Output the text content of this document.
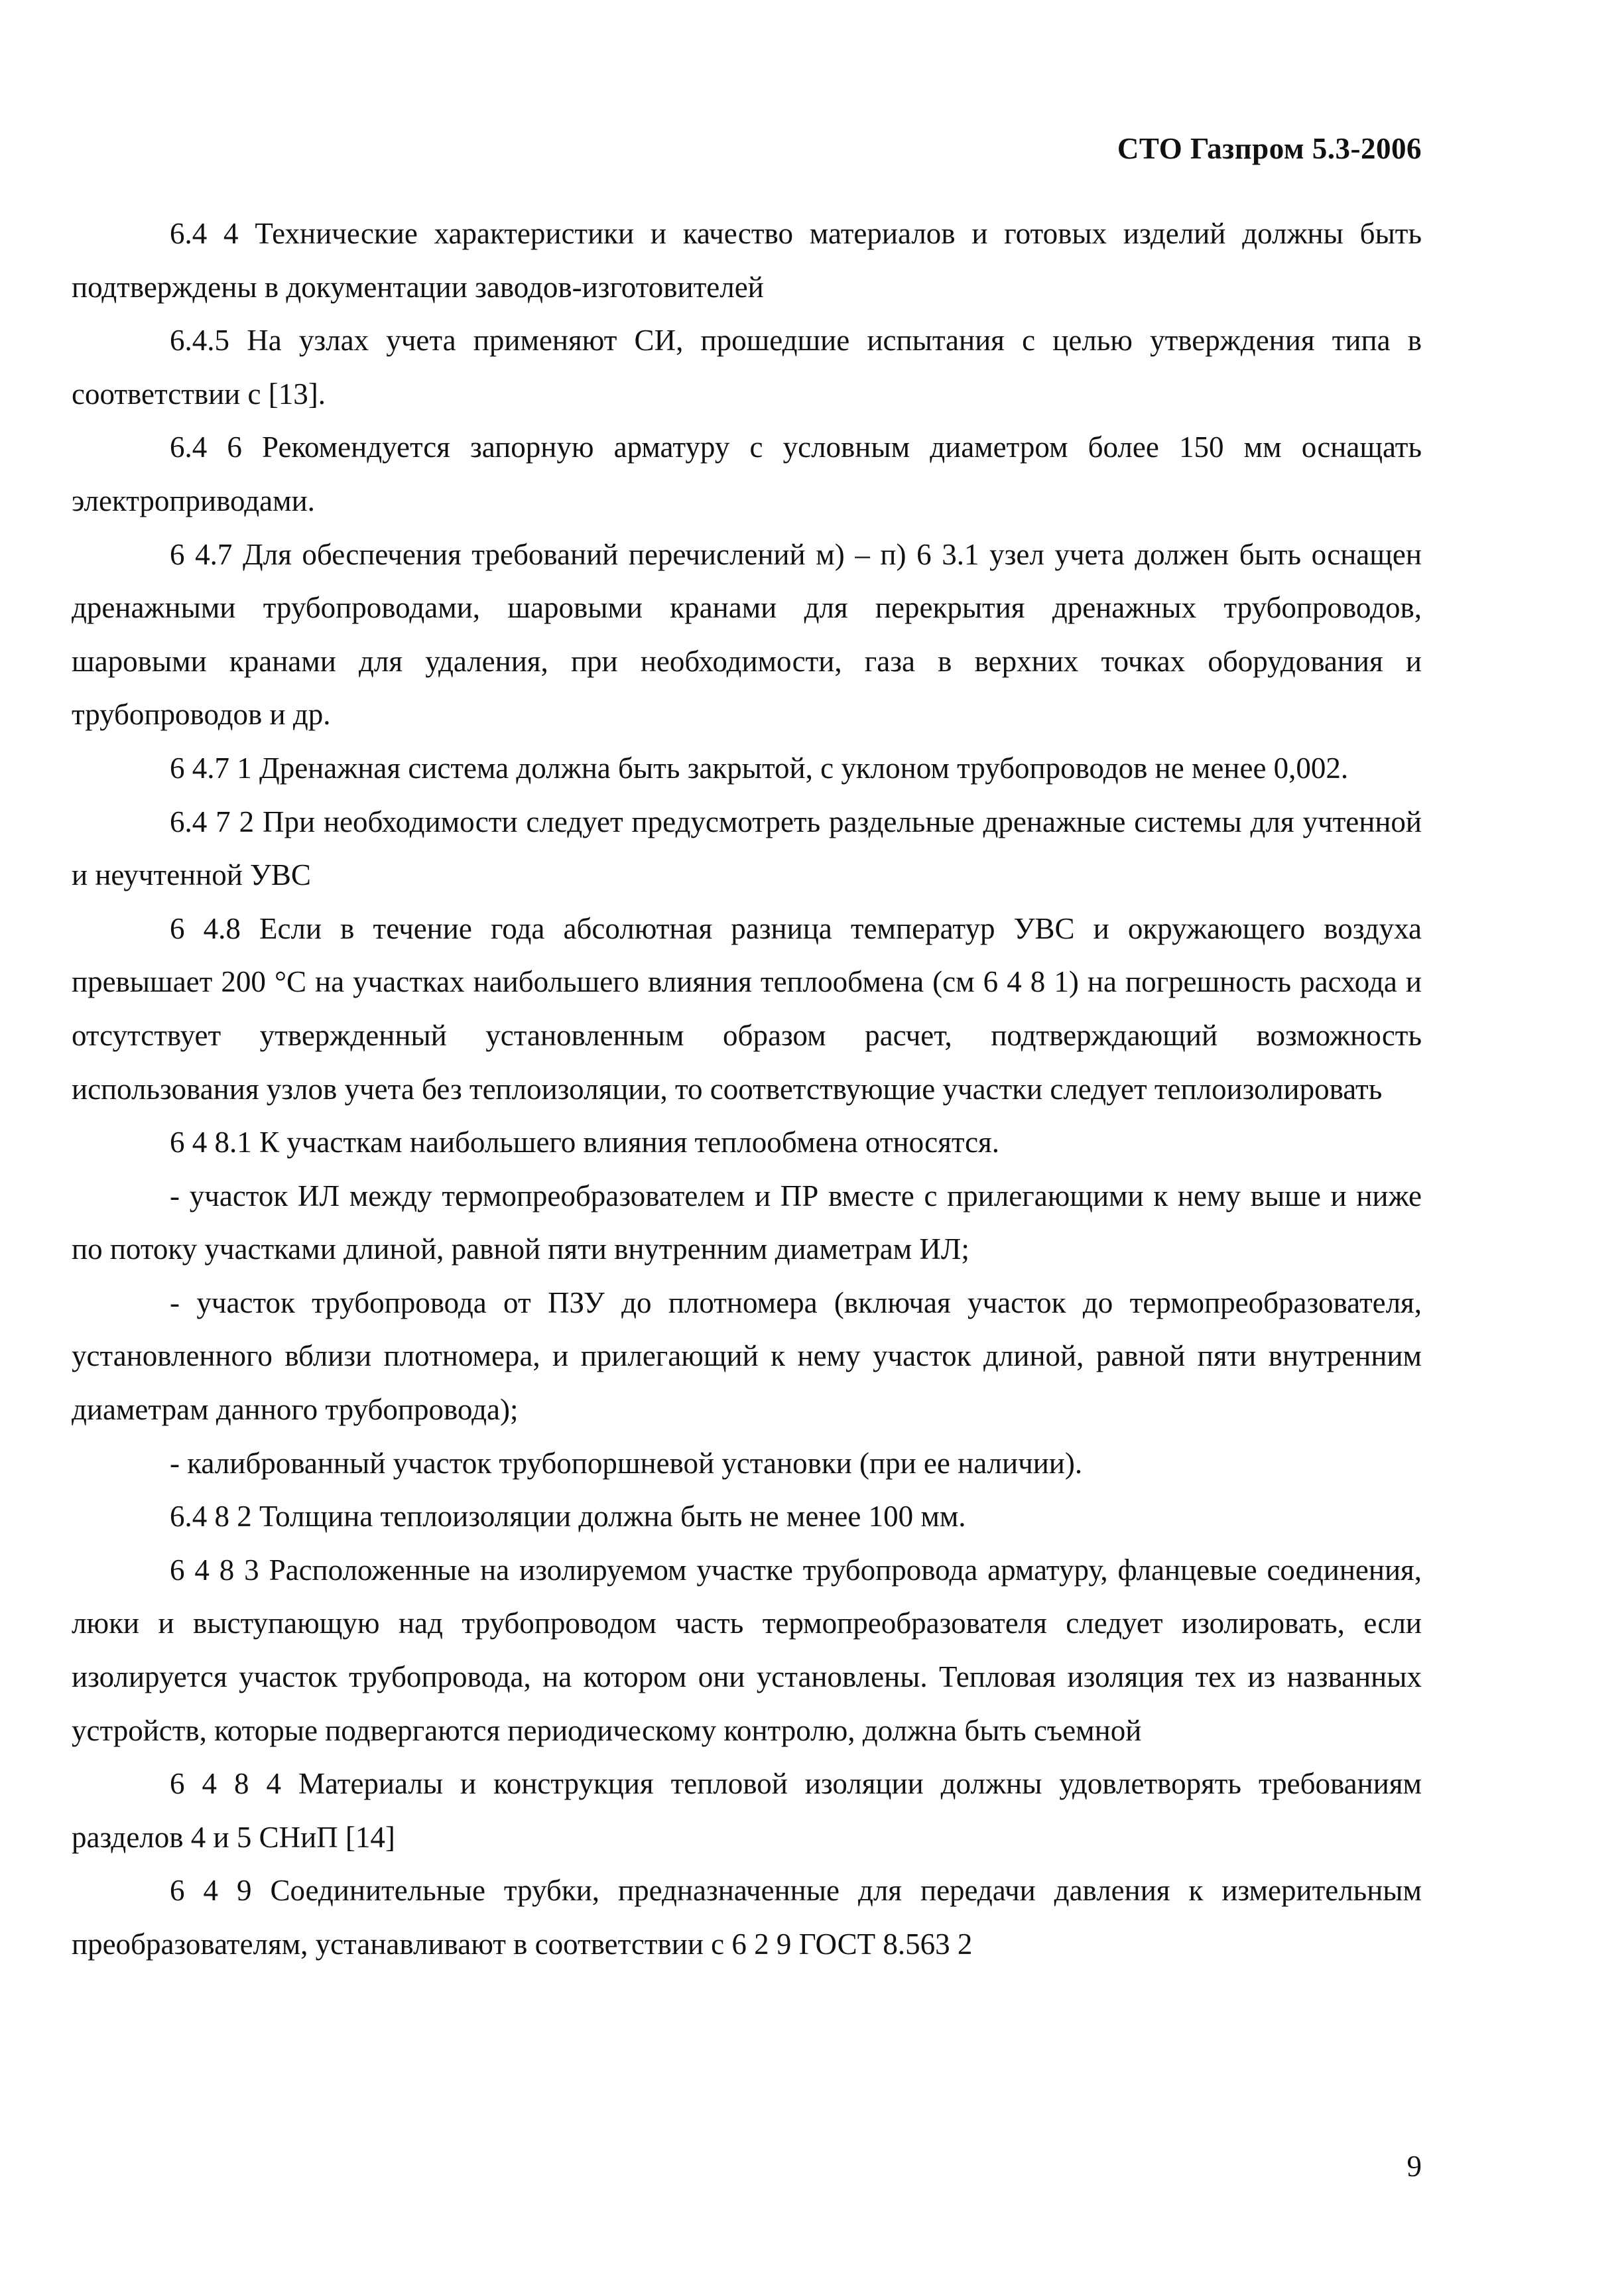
СТО Газпром 5.3-2006

6.4 4 Технические характеристики и качество материалов и готовых изделий должны быть подтверждены в документации заводов-изготовителей

6.4.5 На узлах учета применяют СИ, прошедшие испытания с целью утверждения типа в соответствии с [13].

6.4 6 Рекомендуется запорную арматуру с условным диаметром более 150 мм оснащать электроприводами.

6 4.7 Для обеспечения требований перечислений м) – п) 6 3.1 узел учета должен быть оснащен дренажными трубопроводами, шаровыми кранами для перекрытия дренажных трубопроводов, шаровыми кранами для удаления, при необходимости, газа в верхних точках оборудования и трубопроводов и др.

6 4.7 1 Дренажная система должна быть закрытой, с уклоном трубопроводов не менее 0,002.

6.4 7 2 При необходимости следует предусмотреть раздельные дренажные системы для учтенной и неучтенной УВС

6 4.8 Если в течение года абсолютная разница температур УВС и окружающего воздуха превышает 200 °С на участках наибольшего влияния теплообмена (см 6 4 8 1) на погрешность расхода и отсутствует утвержденный установленным образом расчет, подтверждающий возможность использования узлов учета без теплоизоляции, то соответствующие участки следует теплоизолировать

6 4 8.1 К участкам наибольшего влияния теплообмена относятся.

- участок ИЛ между термопреобразователем и ПР вместе с прилегающими к нему выше и ниже по потоку участками длиной, равной пяти внутренним диаметрам ИЛ;

- участок трубопровода от ПЗУ до плотномера (включая участок до термопреобразователя, установленного вблизи плотномера, и прилегающий к нему участок длиной, равной пяти внутренним диаметрам данного трубопровода);

- калиброванный участок трубопоршневой установки (при ее наличии).

6.4 8 2 Толщина теплоизоляции должна быть не менее 100 мм.

6 4 8 3 Расположенные на изолируемом участке трубопровода арматуру, фланцевые соединения, люки и выступающую над трубопроводом часть термопреобразователя следует изолировать, если изолируется участок трубопровода, на котором они установлены. Тепловая изоляция тех из названных устройств, которые подвергаются периодическому контролю, должна быть съемной

6 4 8 4 Материалы и конструкция тепловой изоляции должны удовлетворять требованиям разделов 4 и 5 СНиП [14]

6 4 9 Соединительные трубки, предназначенные для передачи давления к измерительным преобразователям, устанавливают в соответствии с 6 2 9 ГОСТ 8.563 2

9
